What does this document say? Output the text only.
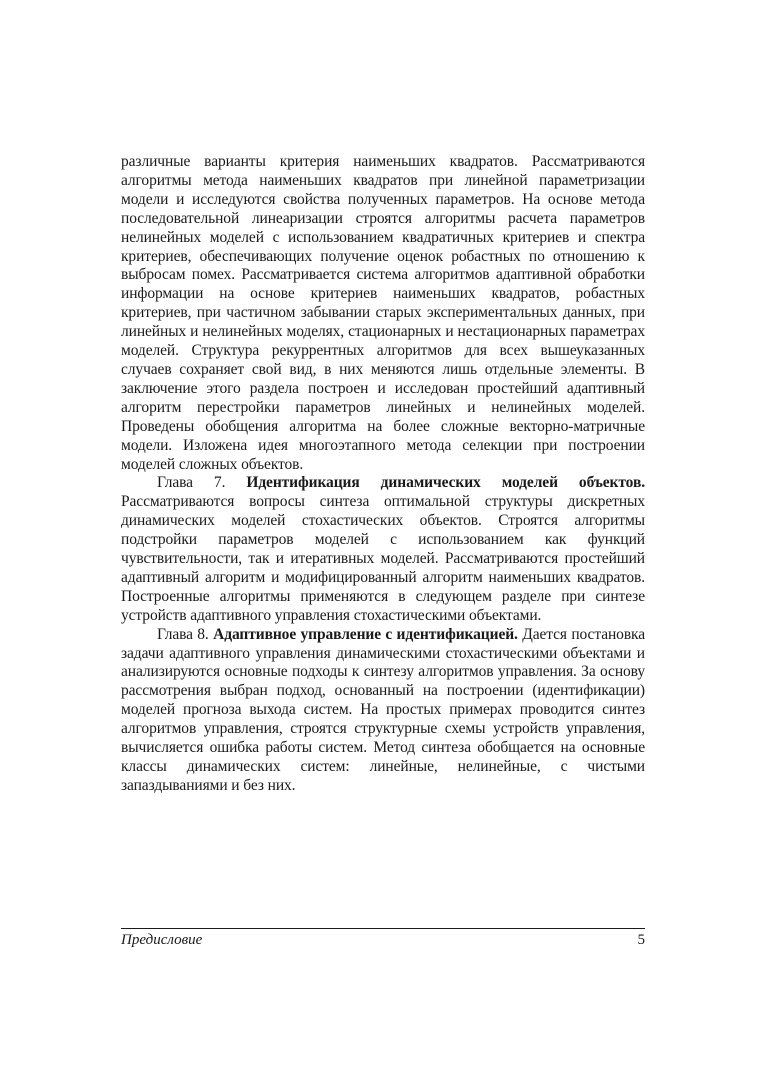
различные варианты критерия наименьших квадратов. Рассматриваются алгоритмы метода наименьших квадратов при линейной параметризации модели и исследуются свойства полученных параметров. На основе метода последовательной линеаризации строятся алгоритмы расчета параметров нелинейных моделей с использованием квадратичных критериев и спектра критериев, обеспечивающих получение оценок робастных по отношению к выбросам помех. Рассматривается система алгоритмов адаптивной обработки информации на основе критериев наименьших квадратов, робастных критериев, при частичном забывании старых экспериментальных данных, при линейных и нелинейных моделях, стационарных и нестационарных параметрах моделей. Структура рекуррентных алгоритмов для всех вышеуказанных случаев сохраняет свой вид, в них меняются лишь отдельные элементы. В заключение этого раздела построен и исследован простейший адаптивный алгоритм перестройки параметров линейных и нелинейных моделей. Проведены обобщения алгоритма на более сложные векторно-матричные модели. Изложена идея многоэтапного метода селекции при построении моделей сложных объектов.

Глава 7. Идентификация динамических моделей объектов. Рассматриваются вопросы синтеза оптимальной структуры дискретных динамических моделей стохастических объектов. Строятся алгоритмы подстройки параметров моделей с использованием как функций чувствительности, так и итеративных моделей. Рассматриваются простейший адаптивный алгоритм и модифицированный алгоритм наименьших квадратов. Построенные алгоритмы применяются в следующем разделе при синтезе устройств адаптивного управления стохастическими объектами.

Глава 8. Адаптивное управление с идентификацией. Дается постановка задачи адаптивного управления динамическими стохастическими объектами и анализируются основные подходы к синтезу алгоритмов управления. За основу рассмотрения выбран подход, основанный на построении (идентификации) моделей прогноза выхода систем. На простых примерах проводится синтез алгоритмов управления, строятся структурные схемы устройств управления, вычисляется ошибка работы систем. Метод синтеза обобщается на основные классы динамических систем: линейные, нелинейные, с чистыми запаздываниями и без них.

Предисловие	5
